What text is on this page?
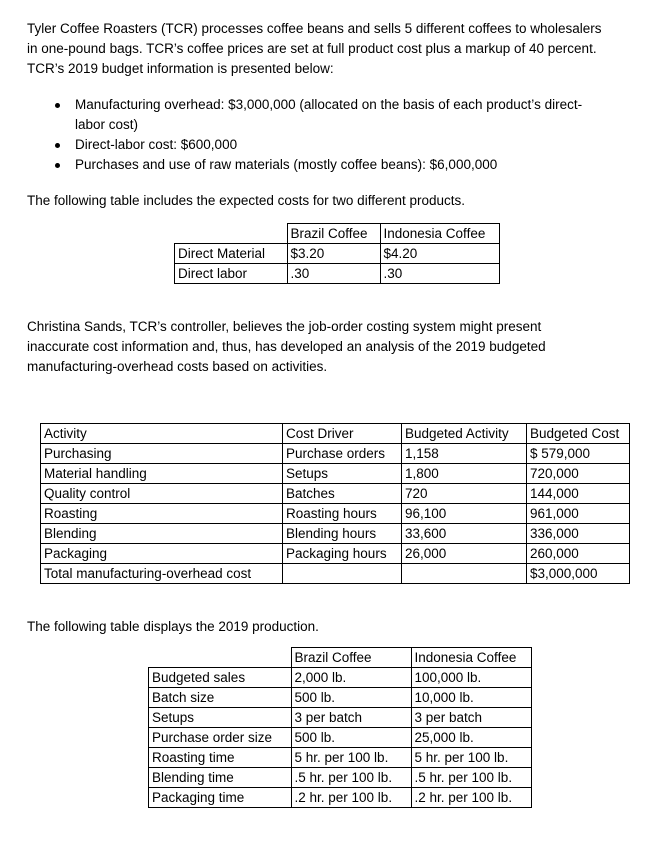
Tyler Coffee Roasters (TCR) processes coffee beans and sells 5 different coffees to wholesalers

in one-pound bags. TCR’s coffee prices are set at full product cost plus a markup of 40 percent.

TCR’s 2019 budget information is presented below:

Manufacturing overhead: $3,000,000 (allocated on the basis of each product’s direct-
labor cost)
Direct-labor cost: $600,000
Purchases and use of raw materials (mostly coffee beans): $6,000,000

The following table includes the expected costs for two different products.

	Brazil Coffee	Indonesia Coffee
Direct Material	$3.20	$4.20
Direct labor	.30	.30

Christina Sands, TCR’s controller, believes the job-order costing system might present

inaccurate cost information and, thus, has developed an analysis of the 2019 budgeted

manufacturing-overhead costs based on activities.

Activity	Cost Driver	Budgeted Activity	Budgeted Cost
Purchasing	Purchase orders	1,158	$ 579,000
Material handling	Setups	1,800	720,000
Quality control	Batches	720	144,000
Roasting	Roasting hours	96,100	961,000
Blending	Blending hours	33,600	336,000
Packaging	Packaging hours	26,000	260,000
Total manufacturing-overhead cost			$3,000,000

The following table displays the 2019 production.

	Brazil Coffee	Indonesia Coffee
Budgeted sales	2,000 lb.	100,000 lb.
Batch size	500 lb.	10,000 lb.
Setups	3 per batch	3 per batch
Purchase order size	500 lb.	25,000 lb.
Roasting time	5 hr. per 100 lb.	5 hr. per 100 lb.
Blending time	.5 hr. per 100 lb.	.5 hr. per 100 lb.
Packaging time	.2 hr. per 100 lb.	.2 hr. per 100 lb.
